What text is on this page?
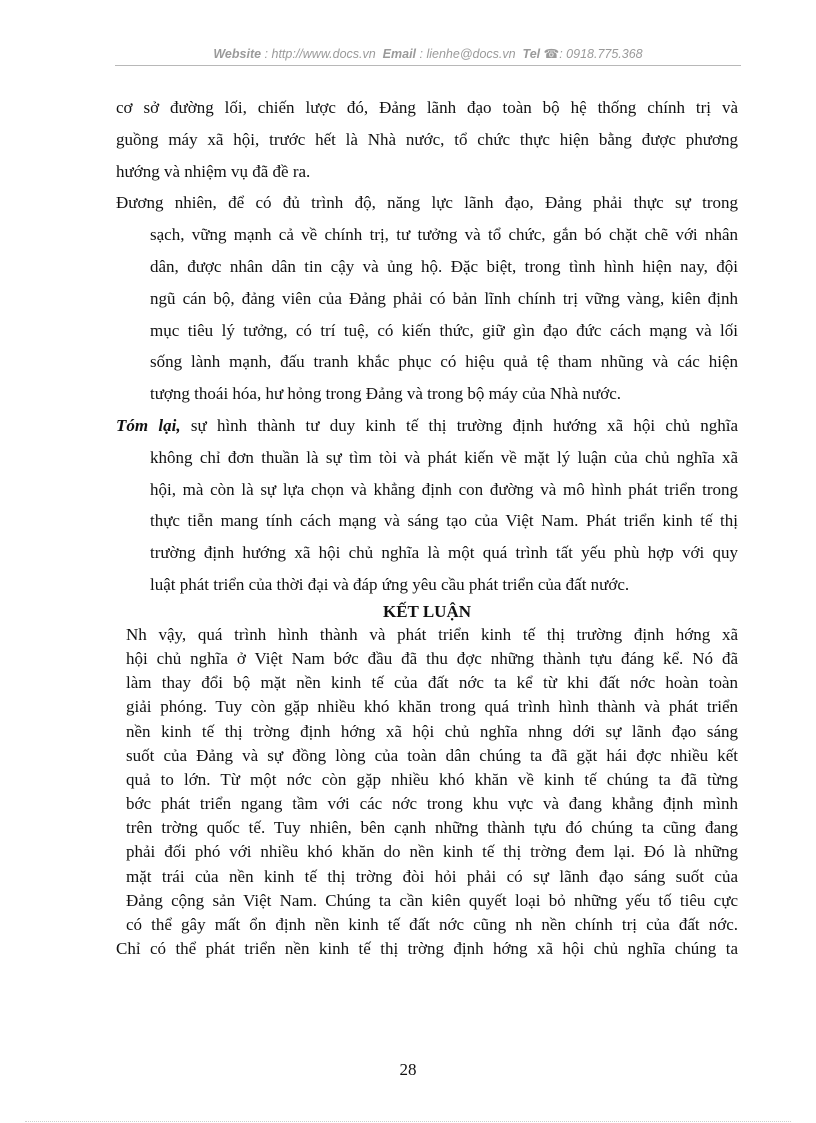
Website : http://www.docs.vn Email : lienhe@docs.vn Tel ☎: 0918.775.368
cơ sở đường lối, chiến lược đó, Đảng lãnh đạo toàn bộ hệ thống chính trị và
guồng máy xã hội, trước hết là Nhà nước, tổ chức thực hiện bằng được phương
hướng và nhiệm vụ đã đề ra.
Đương nhiên, để có đủ trình độ, năng lực lãnh đạo, Đảng phải thực sự trong
sạch, vững mạnh cả về chính trị, tư tưởng và tổ chức, gắn bó chặt chẽ với nhân
dân, được nhân dân tin cậy và ủng hộ. Đặc biệt, trong tình hình hiện nay, đội
ngũ cán bộ, đảng viên của Đảng phải có bản lĩnh chính trị vững vàng, kiên định
mục tiêu lý tưởng, có trí tuệ, có kiến thức, giữ gìn đạo đức cách mạng và lối
sống lành mạnh, đấu tranh khắc phục có hiệu quả tệ tham nhũng và các hiện
tượng thoái hóa, hư hỏng trong Đảng và trong bộ máy của Nhà nước.
Tóm lại, sự hình thành tư duy kinh tế thị trường định hướng xã hội chủ nghĩa
không chỉ đơn thuần là sự tìm tòi và phát kiến về mặt lý luận của chủ nghĩa xã
hội, mà còn là sự lựa chọn và khẳng định con đường và mô hình phát triển trong
thực tiễn mang tính cách mạng và sáng tạo của Việt Nam. Phát triển kinh tế thị
trường định hướng xã hội chủ nghĩa là một quá trình tất yếu phù hợp với quy
luật phát triển của thời đại và đáp ứng yêu cầu phát triển của đất nước.
KẾT LUẬN
Nh vậy, quá trình hình thành và phát triển kinh tế thị trường định hớng xã
hội chủ nghĩa ở Việt Nam bớc đầu đã thu đợc những thành tựu đáng kể. Nó đã
làm thay đổi bộ mặt nền kinh tế của đất nớc ta kể từ khi đất nớc hoàn toàn
giải phóng. Tuy còn gặp nhiều khó khăn trong quá trình hình thành và phát triển
nền kinh tế thị trờng định hớng xã hội chủ nghĩa nhng dới sự lãnh đạo sáng
suốt của Đảng và sự đồng lòng của toàn dân chúng ta đã gặt hái đợc nhiều kết
quả to lớn. Từ một nớc còn gặp nhiều khó khăn về kinh tế chúng ta đã từng
bớc phát triển ngang tầm với các nớc trong khu vực và đang khẳng định mình
trên trờng quốc tế. Tuy nhiên, bên cạnh những thành tựu đó chúng ta cũng đang
phải đối phó với nhiều khó khăn do nền kinh tế thị trờng đem lại. Đó là những
mặt trái của nền kinh tế thị trờng đòi hỏi phải có sự lãnh đạo sáng suốt của
Đảng cộng sản Việt Nam. Chúng ta cần kiên quyết loại bỏ những yếu tố tiêu cực
có thể gây mất ổn định nền kinh tế đất nớc cũng nh nền chính trị của đất nớc.
Chỉ có thể phát triển nền kinh tế thị trờng định hớng xã hội chủ nghĩa chúng ta
28
